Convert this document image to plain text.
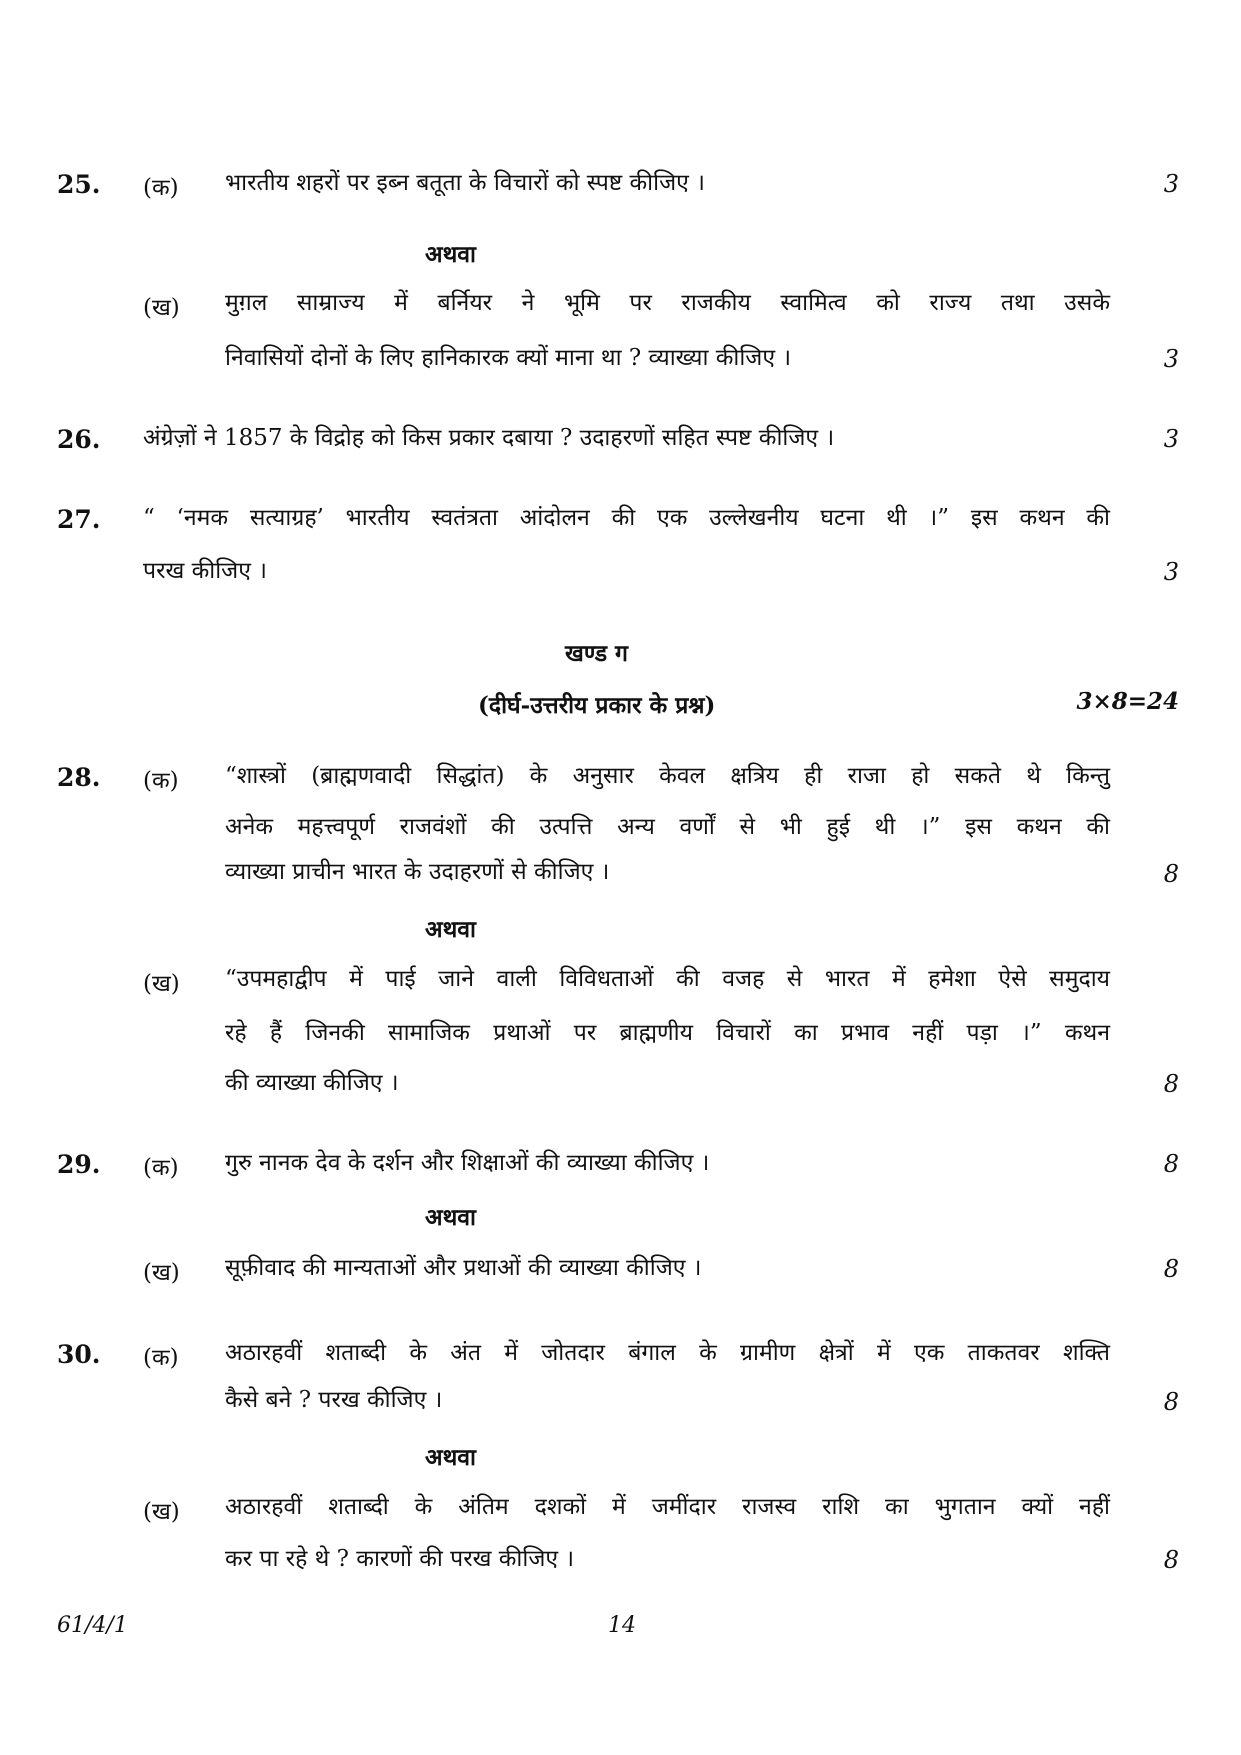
25. (क) भारतीय शहरों पर इब्न बतूता के विचारों को स्पष्ट कीजिए ।	3
अथवा
(ख) मुग़ल साम्राज्य में बर्नियर ने भूमि पर राजकीय स्वामित्व को राज्य तथा उसके
निवासियों दोनों के लिए हानिकारक क्यों माना था ? व्याख्या कीजिए ।	3
26. अंग्रेज़ों ने 1857 के विद्रोह को किस प्रकार दबाया ? उदाहरणों सहित स्पष्ट कीजिए ।	3
27. “ ‘नमक सत्याग्रह’ भारतीय स्वतंत्रता आंदोलन की एक उल्लेखनीय घटना थी ।” इस कथन की
परख कीजिए ।	3
खण्ड ग
(दीर्घ-उत्तरीय प्रकार के प्रश्न)	3×8=24
28. (क) “शास्त्रों (ब्राह्मणवादी सिद्धांत) के अनुसार केवल क्षत्रिय ही राजा हो सकते थे किन्तु
अनेक महत्त्वपूर्ण राजवंशों की उत्पत्ति अन्य वर्णों से भी हुई थी ।” इस कथन की
व्याख्या प्राचीन भारत के उदाहरणों से कीजिए ।	8
अथवा
(ख) “उपमहाद्वीप में पाई जाने वाली विविधताओं की वजह से भारत में हमेशा ऐसे समुदाय
रहे हैं जिनकी सामाजिक प्रथाओं पर ब्राह्मणीय विचारों का प्रभाव नहीं पड़ा ।” कथन
की व्याख्या कीजिए ।	8
29. (क) गुरु नानक देव के दर्शन और शिक्षाओं की व्याख्या कीजिए ।	8
अथवा
(ख) सूफ़ीवाद की मान्यताओं और प्रथाओं की व्याख्या कीजिए ।	8
30. (क) अठारहवीं शताब्दी के अंत में जोतदार बंगाल के ग्रामीण क्षेत्रों में एक ताकतवर शक्ति
कैसे बने ? परख कीजिए ।	8
अथवा
(ख) अठारहवीं शताब्दी के अंतिम दशकों में जमींदार राजस्व राशि का भुगतान क्यों नहीं
कर पा रहे थे ? कारणों की परख कीजिए ।	8
61/4/1	14
